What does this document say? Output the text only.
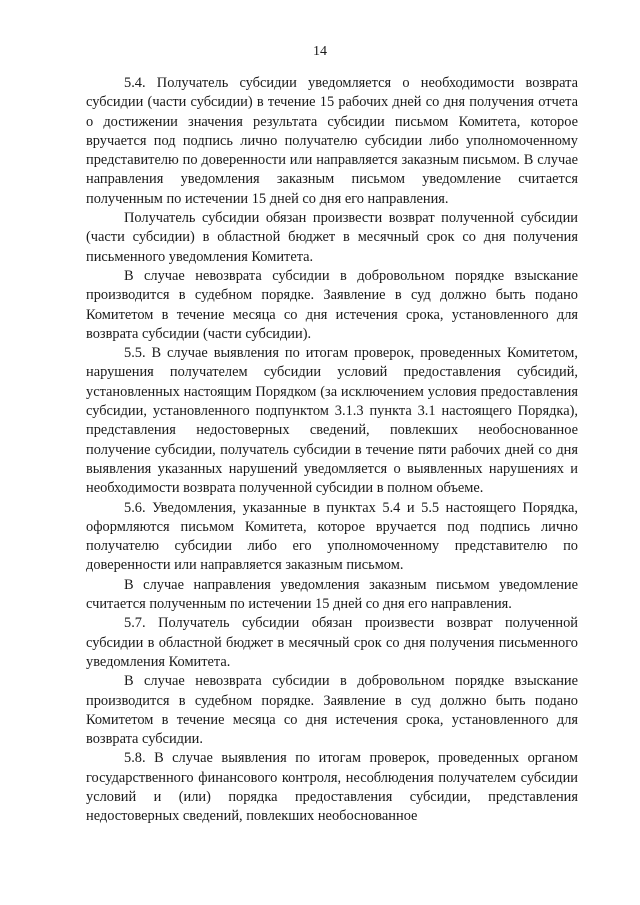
14

5.4. Получатель субсидии уведомляется о необходимости возврата субсидии (части субсидии) в течение 15 рабочих дней со дня получения отчета о достижении значения результата субсидии письмом Комитета, которое вручается под подпись лично получателю субсидии либо уполномоченному представителю по доверенности или направляется заказным письмом. В случае направления уведомления заказным письмом уведомление считается полученным по истечении 15 дней со дня его направления.

Получатель субсидии обязан произвести возврат полученной субсидии (части субсидии) в областной бюджет в месячный срок со дня получения письменного уведомления Комитета.

В случае невозврата субсидии в добровольном порядке взыскание производится в судебном порядке. Заявление в суд должно быть подано Комитетом в течение месяца со дня истечения срока, установленного для возврата субсидии (части субсидии).

5.5. В случае выявления по итогам проверок, проведенных Комитетом, нарушения получателем субсидии условий предоставления субсидий, установленных настоящим Порядком (за исключением условия предоставления субсидии, установленного подпунктом 3.1.3 пункта 3.1 настоящего Порядка), представления недостоверных сведений, повлекших необоснованное получение субсидии, получатель субсидии в течение пяти рабочих дней со дня выявления указанных нарушений уведомляется о выявленных нарушениях и необходимости возврата полученной субсидии в полном объеме.

5.6. Уведомления, указанные в пунктах 5.4 и 5.5 настоящего Порядка, оформляются письмом Комитета, которое вручается под подпись лично получателю субсидии либо его уполномоченному представителю по доверенности или направляется заказным письмом.

В случае направления уведомления заказным письмом уведомление считается полученным по истечении 15 дней со дня его направления.

5.7. Получатель субсидии обязан произвести возврат полученной субсидии в областной бюджет в месячный срок со дня получения письменного уведомления Комитета.

В случае невозврата субсидии в добровольном порядке взыскание производится в судебном порядке. Заявление в суд должно быть подано Комитетом в течение месяца со дня истечения срока, установленного для возврата субсидии.

5.8. В случае выявления по итогам проверок, проведенных органом государственного финансового контроля, несоблюдения получателем субсидии условий и (или) порядка предоставления субсидии, представления недостоверных сведений, повлекших необоснованное
